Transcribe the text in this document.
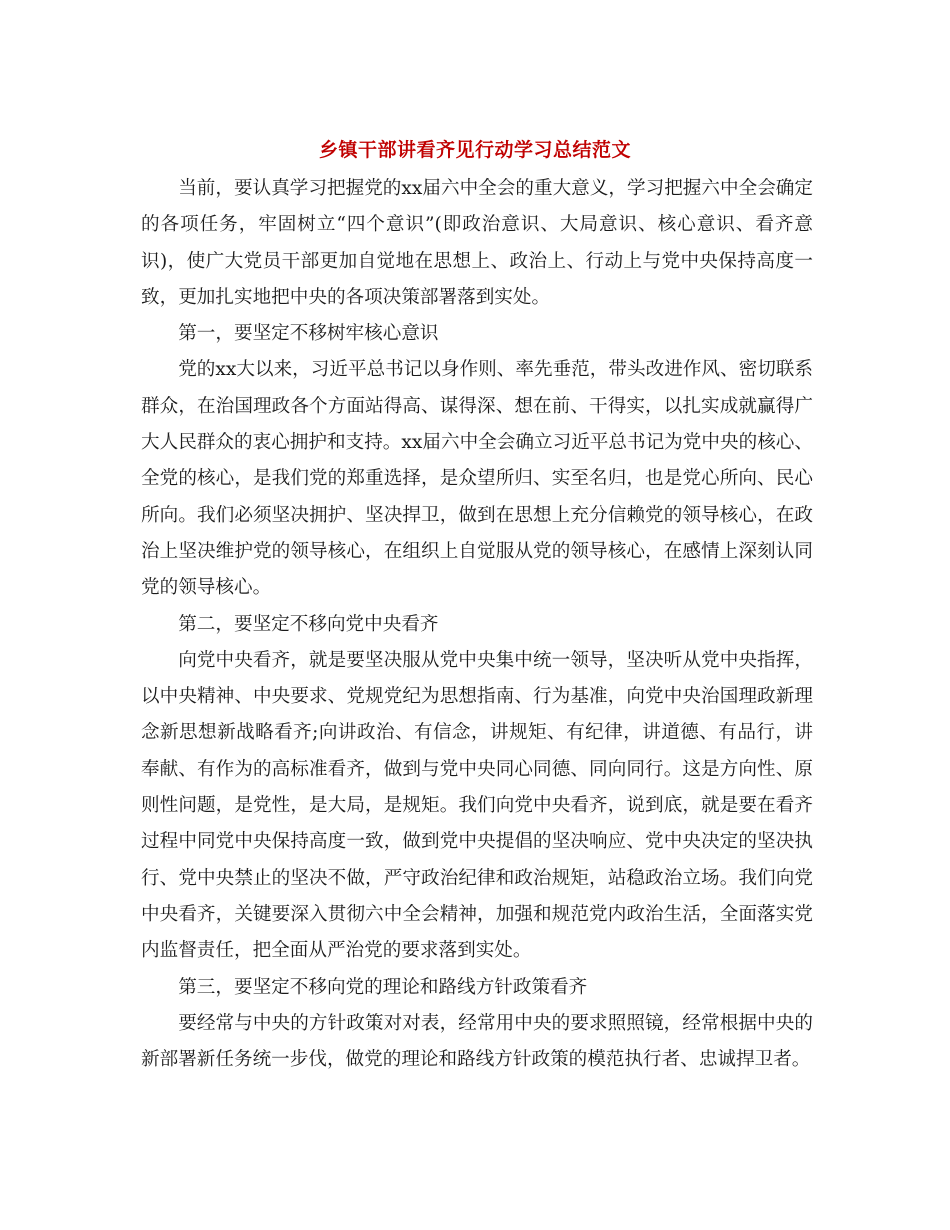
乡镇干部讲看齐见行动学习总结范文

当前，要认真学习把握党的xx届六中全会的重大意义，学习把握六中全会确定的各项任务，牢固树立“四个意识”(即政治意识、大局意识、核心意识、看齐意识)，使广大党员干部更加自觉地在思想上、政治上、行动上与党中央保持高度一致，更加扎实地把中央的各项决策部署落到实处。

第一，要坚定不移树牢核心意识

党的xx大以来，习近平总书记以身作则、率先垂范，带头改进作风、密切联系群众，在治国理政各个方面站得高、谋得深、想在前、干得实，以扎实成就赢得广大人民群众的衷心拥护和支持。xx届六中全会确立习近平总书记为党中央的核心、全党的核心，是我们党的郑重选择，是众望所归、实至名归，也是党心所向、民心所向。我们必须坚决拥护、坚决捍卫，做到在思想上充分信赖党的领导核心，在政治上坚决维护党的领导核心，在组织上自觉服从党的领导核心，在感情上深刻认同党的领导核心。

第二，要坚定不移向党中央看齐

向党中央看齐，就是要坚决服从党中央集中统一领导，坚决听从党中央指挥，以中央精神、中央要求、党规党纪为思想指南、行为基准，向党中央治国理政新理念新思想新战略看齐;向讲政治、有信念，讲规矩、有纪律，讲道德、有品行，讲奉献、有作为的高标准看齐，做到与党中央同心同德、同向同行。这是方向性、原则性问题，是党性，是大局，是规矩。我们向党中央看齐，说到底，就是要在看齐过程中同党中央保持高度一致，做到党中央提倡的坚决响应、党中央决定的坚决执行、党中央禁止的坚决不做，严守政治纪律和政治规矩，站稳政治立场。我们向党中央看齐，关键要深入贯彻六中全会精神，加强和规范党内政治生活，全面落实党内监督责任，把全面从严治党的要求落到实处。

第三，要坚定不移向党的理论和路线方针政策看齐

要经常与中央的方针政策对对表，经常用中央的要求照照镜，经常根据中央的新部署新任务统一步伐，做党的理论和路线方针政策的模范执行者、忠诚捍卫者。
